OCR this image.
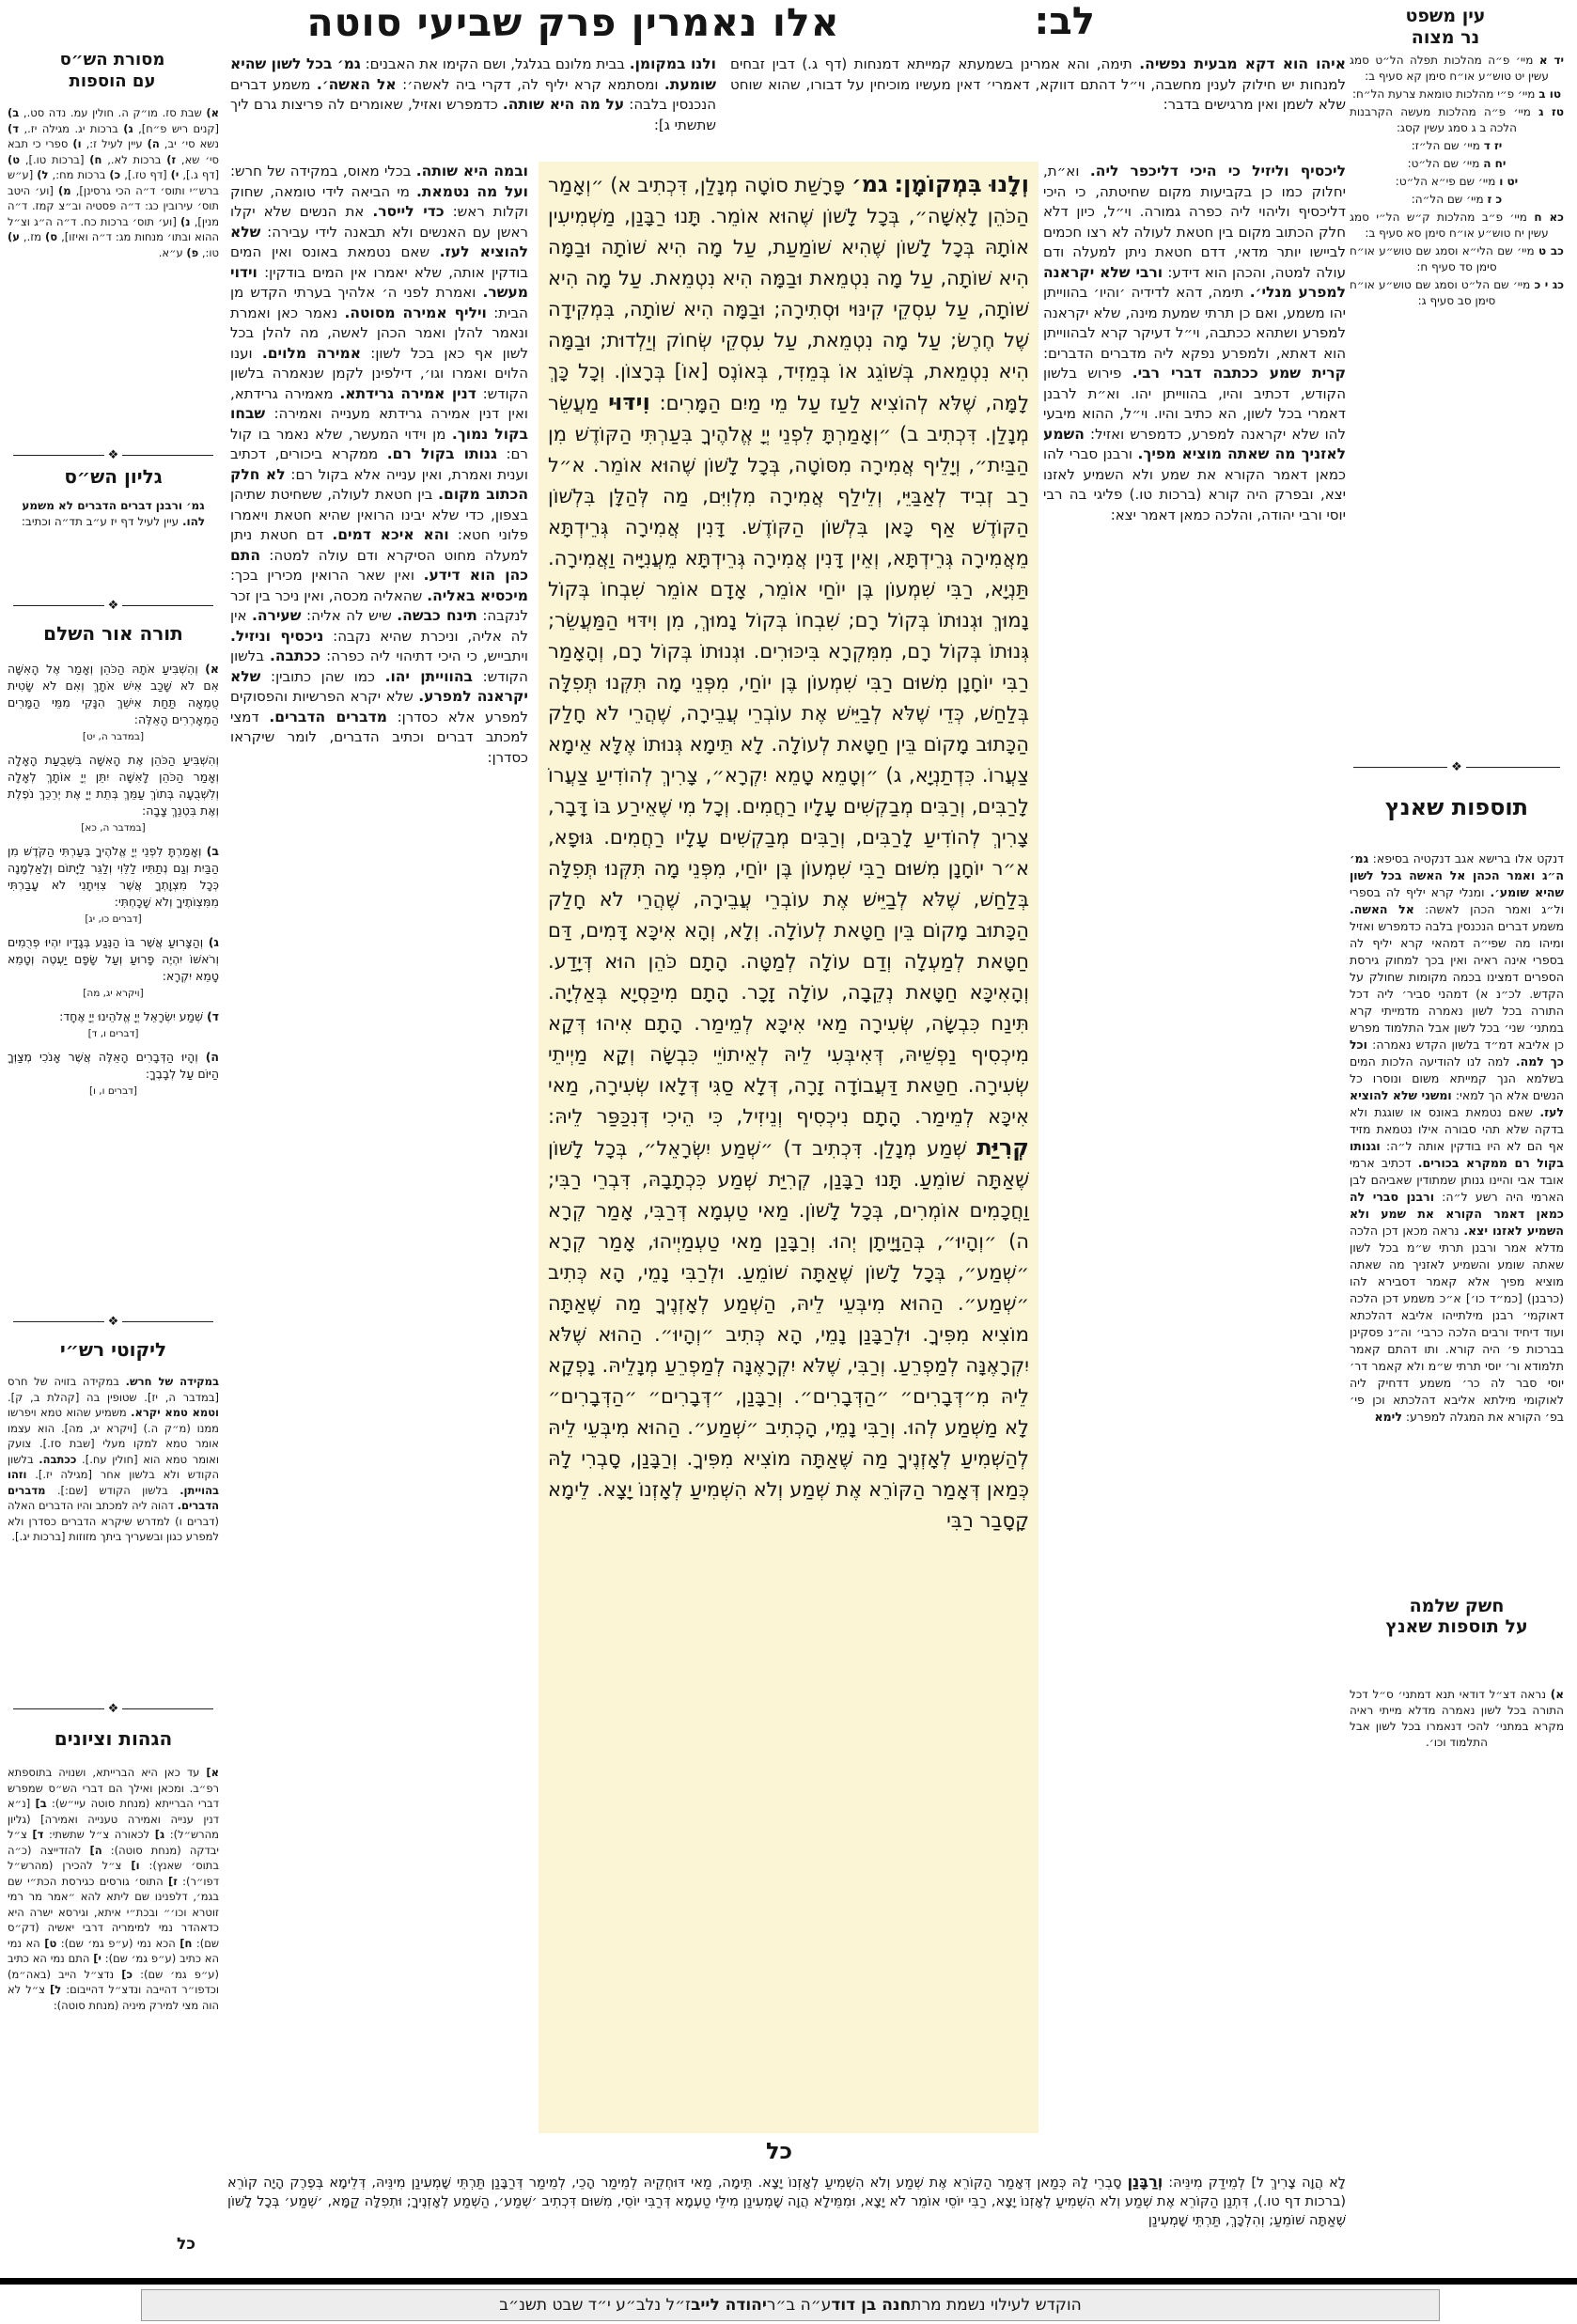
אלו נאמרין פרק שביעי סוטה	לב:	עין משפט
נר מצוה
מסורת הש״ס
עם הוספות
א) שבת סז. מו״ק ה. חולין עמ. נדה סט., ב) [קנים ריש פ״ח], ג) ברכות יג. מגילה יז., ד) נשא סי׳ יב, ה) עיין לעיל ז:, ו) ספרי כי תבא סי׳ שא, ז) ברכות לא., ח) [ברכות טו.], ט) [דף ג.], י) [דף טז.], כ) ברכות מח:, ל) [ע״ש ברש״י ותוס׳ ד״ה הכי גרסינן], מ) [וע׳ היטב תוס׳ עירובין כג: ד״ה פסטיה וב״צ קמז. ד״ה מנין], נ) [וע׳ תוס׳ ברכות כח. ד״ה ה״ג וצ״ל ההוא ובתו׳ מנחות מג: ד״ה ואיזו], ס) מז., ע) טו:, פ) ע״א.
❖
גליון הש״ס
גמ׳ ורבנן דברים הדברים לא משמע להו. עיין לעיל דף יז ע״ב תד״ה וכתיב:
❖
תורה אור השלם

א) וְהִשְׁבִּיעַ אֹתָהּ הַכֹּהֵן וְאָמַר אֶל הָאִשָּׁה אִם לֹא שָׁכַב אִישׁ אֹתָךְ וְאִם לֹא שָׂטִית טֻמְאָה תַּחַת אִישֵׁךְ הִנָּקִי מִמֵּי הַמָּרִים הַמְאָרְרִים הָאֵלֶּה:

[במדבר ה, יט]

וְהִשְׁבִּיעַ הַכֹּהֵן אֶת הָאִשָּׁה בִּשְׁבֻעַת הָאָלָה וְאָמַר הַכֹּהֵן לָאִשָּׁה יִתֵּן יְיָ אוֹתָךְ לְאָלָה וְלִשְׁבֻעָה בְּתוֹךְ עַמֵּךְ בְּתֵת יְיָ אֶת יְרֵכֵךְ נֹפֶלֶת וְאֶת בִּטְנֵךְ צָבָה:

[במדבר ה, כא]

ב) וְאָמַרְתָּ לִפְנֵי יְיָ אֱלֹהֶיךָ בִּעַרְתִּי הַקֹּדֶשׁ מִן הַבַּיִת וְגַם נְתַתִּיו לַלֵּוִי וְלַגֵּר לַיָּתוֹם וְלָאַלְמָנָה כְּכָל מִצְוָתְךָ אֲשֶׁר צִוִּיתָנִי לֹא עָבַרְתִּי מִמִּצְוֹתֶיךָ וְלֹא שָׁכָחְתִּי:

[דברים כו, יג]

ג) וְהַצָּרוּעַ אֲשֶׁר בּוֹ הַנֶּגַע בְּגָדָיו יִהְיוּ פְרֻמִים וְרֹאשׁוֹ יִהְיֶה פָרוּעַ וְעַל שָׂפָם יַעְטֶה וְטָמֵא טָמֵא יִקְרָא:

[ויקרא יג, מה]

ד) שְׁמַע יִשְׂרָאֵל יְיָ אֱלֹהֵינוּ יְיָ אֶחָד:

[דברים ו, ד]

ה) וְהָיוּ הַדְּבָרִים הָאֵלֶּה אֲשֶׁר אָנֹכִי מְצַוְּךָ הַיּוֹם עַל לְבָבֶךָ:

[דברים ו, ו]
❖
ליקוטי רש״י
במקידה של חרש. במקידה בזויה של חרס [במדבר ה, יז]. שטופין בה [קהלת ב, ק]. וטמא טמא יקרא. משמיע שהוא טמא ויפרשו ממנו (מ״ק ה.) [ויקרא יג, מה]. הוא עצמו אומר טמא למקו מעלי [שבת סז.]. צועק ואומר טמא הוא [חולין עח.]. ככתבה. בלשון הקודש ולא בלשון אחר [מגילה יז.]. וזהו בהוייתן. בלשון הקודש [שם:]. מדברים הדברים. דהוה ליה למכתב והיו הדברים האלה (דברים ו) למדרש שיקרא הדברים כסדרן ולא למפרע כגון ובשעריך ביתך מזוזות [ברכות יג.].
❖
הגהות וציונים
א] עד כאן היא הברייתא, ושנויה בתוספתא רפ״ב. ומכאן ואילך הם דברי הש״ס שמפרש דברי הברייתא (מנחת סוטה עיי״ש): ב] [נ״א דנין ענייה ואמירה טענייה ואמירה] (גליון מהרש״ל): ג] לכאורה צ״ל שתשתי: ד] צ״ל יבדקה (מנחת סוטה): ה] להזדייצה (כ״ה בתוס׳ שאנץ): ו] צ״ל להכירן (מהרש״ל דפו״ר): ז] התוס׳ גורסים כגירסת הכת״י שם בגמ׳, דלפנינו שם ליתא להא ״אמר מר רמי זוטרא וכו׳״ ובכת״י איתא, וגירסא ישרה היא כדאהדר נמי למימריה דרבי יאשיה (דק״ס שם): ח] הכא נמי (ע״פ גמ׳ שם): ט] הא נמי הא כתיב (ע״פ גמ׳ שם): י] התם נמי הא כתיב (ע״פ גמ׳ שם): כ] נדצ״ל הייב (באה״מ) וכדפו״ר דהייבה ונדצ״ל דהייבום: ל] צ״ל לא הוה מצי למירק מיניה (מנחת סוטה):

יד א מיי׳ פ״ה מהלכות תפלה הל״ט סמג עשין יט טוש״ע או״ח סימן קא סעיף ב:

טו ב מיי׳ פ״י מהלכות טומאת צרעת הל״ח:

טז ג מיי׳ פ״ה מהלכות מעשה הקרבנות הלכה ב ג סמג עשין קסג:

יז ד מיי׳ שם הל״ז:

יח ה מיי׳ שם הל״ט:

יט ו מיי׳ שם פי״א הל״ט:

כ ז מיי׳ שם הל״ה:

כא ח מיי׳ פ״ב מהלכות ק״ש הל״י סמג עשין יח טוש״ע או״ח סימן סא סעיף ב:

כב ט מיי׳ שם הלי״א וסמג שם טוש״ע או״ח סימן סד סעיף ח:

כג י כ מיי׳ שם הל״ט וסמג שם טוש״ע או״ח סימן סב סעיף ג:

❖
תוספות שאנץ
דנקט אלו ברישא אגב דנקטיה בסיפא: גמ׳ ה״ג ואמר הכהן אל האשה בכל לשון שהיא שומע׳. ומנלי קרא יליף לה בספרי ול״ג ואמר הכהן לאשה: אל האשה. משמע דברים הנכנסין בלבה כדמפרש ואזיל ומיהו מה שפי״ה דמהאי קרא יליף לה בספרי אינה ראיה ואין בכך למחוק גירסת הספרים דמצינו בכמה מקומות שחולק על הקדש. לכ״נ א) דמהני סביר׳ ליה דכל התורה בכל לשון נאמרה מדמייתי קרא במתני׳ שני׳ בכל לשון אבל התלמוד מפרש כן אליבא דמ״ד בלשון הקדש נאמרה: וכל כך למה. למה לנו להודיעה הלכות המים בשלמא הנך קמייתא משום ונוסרו כל הנשים אלא הך למאי: ומשני שלא להוציא לעז. שאם נטמאת באונס או שוגגת ולא בדקה שלא תהי סבורה אילו נטמאת מזיד אף הם לא היו בודקין אותה ל״ה: וגנותו בקול רם ממקרא בכורים. דכתיב ארמי אובד אבי והיינו גנותן שמתודין שאביהם לבן הארמי היה רשע ל״ה: ורבנן סברי לה כמאן דאמר הקורא את שמע ולא השמיע לאזנו יצא. נראה מכאן דכן הלכה מדלא אמר ורבנן תרתי ש״מ בכל לשון שאתה שומע והשמיע לאזניך מה שאתה מוציא מפיך אלא קאמר דסבירא להו (כרבנן) [כמ״ד כו׳] א״כ משמע דכן הלכה דאוקמי׳ רבנן מילתייהו אליבא דהלכתא ועוד דיחיד ורבים הלכה כרבי׳ וה״נ פסקינן בברכות פ׳ היה קורא. ותו דהתם קאמר תלמודא ור׳ יוסי תרתי ש״מ ולא קאמר דר׳ יוסי סבר לה כר׳ משמע דדחיק ליה לאוקומי מילתא אליבא דהלכתא וכן פי׳ בפ׳ הקורא את המגלה למפרע: לימא
חשק שלמה
על תוספות שאנץ
א) נראה דצ״ל דודאי תנא דמתני׳ ס״ל דכל התורה בכל לשון נאמרה מדלא מייתי ראיה מקרא במתני׳ להכי דנאמרו בכל לשון אבל התלמוד וכו׳.
ולנו במקומן. בבית מלונם בגלגל, ושם הקימו את האבנים: גמ׳ בכל לשון שהיא שומעת. ומסתמא קרא יליף לה, דקרי ביה לאשה׳: אל האשה׳. משמע דברים הנכנסין בלבה: על מה היא שותה. כדמפרש ואזיל, שאומרים לה פריצות גרם ליך שתשתי ג]:
איהו הוא דקא מבעית נפשיה. תימה, והא אמרינן בשמעתא קמייתא דמנחות (דף ג.) דבין זבחים למנחות יש חילוק לענין מחשבה, וי״ל דהתם דווקא, דאמרי׳ דאין מעשיו מוכיחין על דבורו, שהוא שוחט שלא לשמן ואין מרגישים בדבר:
ובמה היא שותה. בכלי מאוס, במקידה של חרש: ועל מה נטמאת. מי הביאה לידי טומאה, שחוק וקלות ראש: כדי לייסר. את הנשים שלא יקלו ראשן עם האנשים ולא תבאנה לידי עבירה: שלא להוציא לעז. שאם נטמאת באונס ואין המים בודקין אותה, שלא יאמרו אין המים בודקין: וידוי מעשר. ואמרת לפני ה׳ אלהיך בערתי הקדש מן הבית: ויליף אמירה מסוטה. נאמר כאן ואמרת ונאמר להלן ואמר הכהן לאשה, מה להלן בכל לשון אף כאן בכל לשון: אמירה מלוים. וענו הלוים ואמרו וגו׳, דילפינן לקמן שנאמרה בלשון הקודש: דנין אמירה גרידתא. מאמירה גרידתא, ואין דנין אמירה גרידתא מענייה ואמירה: שבחו בקול נמוך. מן וידוי המעשר, שלא נאמר בו קול רם: גנותו בקול רם. ממקרא ביכורים, דכתיב וענית ואמרת, ואין ענייה אלא בקול רם: לא חלק הכתוב מקום. בין חטאת לעולה, ששחיטת שתיהן בצפון, כדי שלא יבינו הרואין שהיא חטאת ויאמרו פלוני חטא: והא איכא דמים. דם חטאת ניתן למעלה מחוט הסיקרא ודם עולה למטה: התם כהן הוא דידע. ואין שאר הרואין מכירין בכך: מיכסיא באליה. שהאליה מכסה, ואין ניכר בין זכר לנקבה: תינח כבשה. שיש לה אליה: שעירה. אין לה אליה, וניכרת שהיא נקבה: ניכסיף וניזיל. ויתבייש, כי היכי דתיהוי ליה כפרה: ככתבה. בלשון הקודש: בהווייתן יהו. כמו שהן כתובין: שלא יקראנה למפרע. שלא יקרא הפרשיות והפסוקים למפרע אלא כסדרן: מדברים הדברים. דמצי למכתב דברים וכתיב הדברים, לומר שיקראו כסדרן:
וְלָנוּ בִּמְקוֹמָן: גמ׳ פָּרָשַׁת סוֹטָה מְנָלַן, דִּכְתִיב א) ״וְאָמַר הַכֹּהֵן לָאִשָּׁה״, בְּכָל לָשׁוֹן שֶׁהוּא אוֹמֵר. תָּנוּ רַבָּנַן, מַשְׁמִיעִין אוֹתָהּ בְּכָל לָשׁוֹן שֶׁהִיא שׁוֹמַעַת, עַל מָה הִיא שׁוֹתָה וּבַמָּה הִיא שׁוֹתָה, עַל מָה נִטְמֵאת וּבַמָּה הִיא נִטְמֵאת. עַל מָה הִיא שׁוֹתָה, עַל עִסְקֵי קִינּוּי וּסְתִירָה; וּבַמָּה הִיא שׁוֹתָה, בִּמְקִידָה שֶׁל חֶרֶשׂ; עַל מָה נִטְמֵאת, עַל עִסְקֵי שְׂחוֹק וְיַלְדוּת; וּבַמָּה הִיא נִטְמֵאת, בְּשׁוֹגֵג אוֹ בְּמֵזִיד, בְּאוֹנֶס [אוֹ] בְּרָצוֹן. וְכָל כָּךְ לָמָּה, שֶׁלֹּא לְהוֹצִיא לַעַז עַל מֵי מַיִם הַמָּרִים: וִידּוּי מַעֲשֵׂר מְנָלַן. דִּכְתִיב ב) ״וְאָמַרְתָּ לִפְנֵי יְיָ אֱלֹהֶיךָ בִּעַרְתִּי הַקּוֹדֶשׁ מִן הַבַּיִת״, וְיָלֵיף אֲמִירָה מִסּוֹטָה, בְּכָל לָשׁוֹן שֶׁהוּא אוֹמֵר. א״ל רַב זְבִיד לְאַבַּיֵּי, וְלֵילַף אֲמִירָה מִלְוִיִּם, מַה לְּהַלָּן בִּלְשׁוֹן הַקּוֹדֶשׁ אַף כָּאן בִּלְשׁוֹן הַקּוֹדֶשׁ. דָּנִין אֲמִירָה גְּרֵידְתָּא מֵאֲמִירָה גְּרֵידְתָּא, וְאֵין דָּנִין אֲמִירָה גְּרֵידְתָּא מֵעֲנִיָּיה וַאֲמִירָה. תַּנְיָא, רַבִּי שִׁמְעוֹן בֶּן יוֹחַי אוֹמֵר, אָדָם אוֹמֵר שִׁבְחוֹ בְּקוֹל נָמוּךְ וּגְנוּתוֹ בְּקוֹל רָם; שִׁבְחוֹ בְּקוֹל נָמוּךְ, מִן וִידּוּי הַמַּעֲשֵׂר; גְּנוּתוֹ בְּקוֹל רָם, מִמִּקְרָא בִּיכּוּרִים. וּגְנוּתוֹ בְּקוֹל רָם, וְהָאָמַר רַבִּי יוֹחָנָן מִשּׁוּם רַבִּי שִׁמְעוֹן בֶּן יוֹחַי, מִפְּנֵי מָה תִּקְּנוּ תְּפִלָּה בְּלַחַשׁ, כְּדֵי שֶׁלֹּא לְבַיֵּישׁ אֶת עוֹבְרֵי עֲבֵירָה, שֶׁהֲרֵי לֹא חָלַק הַכָּתוּב מָקוֹם בֵּין חַטָּאת לְעוֹלָה. לָא תֵּימָא גְּנוּתוֹ אֶלָּא אֵימָא צַעֲרוֹ. כִּדְתַנְיָא, ג) ״וְטָמֵא טָמֵא יִקְרָא״, צָרִיךְ לְהוֹדִיעַ צַעֲרוֹ לָרַבִּים, וְרַבִּים מְבַקְשִׁים עָלָיו רַחֲמִים. וְכָל מִי שֶׁאֵירַע בּוֹ דָּבָר, צָרִיךְ לְהוֹדִיעַ לָרַבִּים, וְרַבִּים מְבַקְשִׁים עָלָיו רַחֲמִים. גּוּפָא, א״ר יוֹחָנָן מִשּׁוּם רַבִּי שִׁמְעוֹן בֶּן יוֹחַי, מִפְּנֵי מָה תִּקְּנוּ תְּפִלָּה בְּלַחַשׁ, שֶׁלֹּא לְבַיֵּישׁ אֶת עוֹבְרֵי עֲבֵירָה, שֶׁהֲרֵי לֹא חָלַק הַכָּתוּב מָקוֹם בֵּין חַטָּאת לְעוֹלָה. וְלָא, וְהָא אִיכָּא דָּמִים, דַּם חַטָּאת לְמַעְלָה וְדַם עוֹלָה לְמַטָּה. הָתָם כֹּהֵן הוּא דְּיָדַע. וְהָאִיכָּא חַטָּאת נְקֵבָה, עוֹלָה זָכָר. הָתָם מִיכַּסְיָא בְּאַלְיָה. תִּינַח כִּבְשָׂה, שְׂעִירָה מַאי אִיכָּא לְמֵימַר. הָתָם אִיהוּ דְּקָא מִיכְסִיף נַפְשֵׁיהּ, דְּאִיבְּעִי לֵיהּ לְאֵיתוֹיֵי כִּבְשָׂה וְקָא מַיְיתֵי שְׂעִירָה. חַטַּאת דַּעֲבוֹדָה זָרָה, דְּלָא סַגִּי דְּלָאו שְׂעִירָה, מַאי אִיכָּא לְמֵימַר. הָתָם נִיכְסִיף וְנֵיזִיל, כִּי הֵיכִי דְּנִכַּפַּר לֵיהּ: קְרִיַּת שְׁמַע מְנָלַן. דִּכְתִיב ד) ״שְׁמַע יִשְׂרָאֵל״, בְּכָל לָשׁוֹן שֶׁאַתָּה שׁוֹמֵעַ. תָּנוּ רַבָּנַן, קְרִיַּת שְׁמַע כִּכְתָבָהּ, דִּבְרֵי רַבִּי; וַחֲכָמִים אוֹמְרִים, בְּכָל לָשׁוֹן. מַאי טַעְמָא דְּרַבִּי, אָמַר קְרָא ה) ״וְהָיוּ״, בְּהַוָּיָיתָן יְהוּ. וְרַבָּנַן מַאי טַעְמַיְיהוּ, אָמַר קְרָא ״שְׁמַע״, בְּכָל לָשׁוֹן שֶׁאַתָּה שׁוֹמֵעַ. וּלְרַבִּי נָמֵי, הָא כְּתִיב ״שְׁמַע״. הַהוּא מִיבְּעֵי לֵיהּ, הַשְׁמַע לְאָזְנֶיךָ מַה שֶּׁאַתָּה מוֹצִיא מִפִּיךָ. וּלְרַבָּנַן נָמֵי, הָא כְּתִיב ״וְהָיוּ״. הַהוּא שֶׁלֹּא יִקְרָאֶנָּה לְמַפְרֵעַ. וְרַבִּי, שֶׁלֹּא יִקְרָאֶנָּה לְמַפְרֵעַ מְנָלֵיהּ. נָפְקָא לֵיהּ מִ״דְּבָרִים״ ״הַדְּבָרִים״. וְרַבָּנַן, ״דְּבָרִים״ ״הַדְּבָרִים״ לָא מַשְׁמַע לְהוּ. וְרַבִּי נָמֵי, הָכְתִיב ״שְׁמַע״. הַהוּא מִיבְּעֵי לֵיהּ לְהַשְׁמִיעַ לְאָזְנֶיךָ מַה שֶּׁאַתָּה מוֹצִיא מִפִּיךָ. וְרַבָּנַן, סָבְרִי לָהּ כְּמַאן דְּאָמַר הַקּוֹרֵא אֶת שְׁמַע וְלֹא הִשְׁמִיעַ לְאָזְנוֹ יָצָא. לֵימָא קָסָבַר רַבִּי
כל
ליכסיף וליזיל כי היכי דליכפר ליה. וא״ת, יחלוק כמו כן בקביעות מקום שחיטתה, כי היכי דליכסיף וליהוי ליה כפרה גמורה. וי״ל, כיון דלא חלק הכתוב מקום בין חטאת לעולה לא רצו חכמים לביישו יותר מדאי, דדם חטאת ניתן למעלה ודם עולה למטה, והכהן הוא דידע: ורבי שלא יקראנה למפרע מנלי׳. תימה, דהא לדידיה ׳והיו׳ בהווייתן יהו משמע, ואם כן תרתי שמעת מינה, שלא יקראנה למפרע ושתהא ככתבה, וי״ל דעיקר קרא לבהווייתן הוא דאתא, ולמפרע נפקא ליה מדברים הדברים: קרית שמע ככתבה דברי רבי. פירוש בלשון הקודש, דכתיב והיו, בהווייתן יהו. וא״ת לרבנן דאמרי בכל לשון, הא כתיב והיו. וי״ל, ההוא מיבעי להו שלא יקראנה למפרע, כדמפרש ואזיל: השמע לאזניך מה שאתה מוציא מפיך. ורבנן סברי להו כמאן דאמר הקורא את שמע ולא השמיע לאזנו יצא, ובפרק היה קורא (ברכות טו.) פליגי בה רבי יוסי ורבי יהודה, והלכה כמאן דאמר יצא:
לָא הֲוָה צָרִיךְ ל] לְמֵידַק מִינֵּיהּ: וְרַבָּנַן סָבְרֵי לָהּ כְּמַאן דְּאָמַר הַקּוֹרֵא אֶת שְׁמַע וְלֹא הִשְׁמִיעַ לְאָזְנוֹ יָצָא. תֵּימָה, מַאי דּוּחְקֵיהּ לְמֵימַר הָכֵי, לְמֵימַר דְּרַבָּנַן תַּרְתֵּי שָׁמְעִינַן מִינֵּיהּ, דְּלֵימָא בְּפֶרֶק הָיָה קוֹרֵא (ברכות דף טו.), דִּתְנַן הַקּוֹרֵא אֶת שְׁמַע וְלֹא הִשְׁמִיעַ לְאָזְנוֹ יָצָא, רַבִּי יוֹסֵי אוֹמֵר לֹא יָצָא, וּמִמֵּילָא הֲוָה שָׁמְעִינַן מִילֵּי טַעְמָא דְּרַבִּי יוֹסֵי, מִשּׁוּם דִּכְתִיב ׳שְׁמַע׳, הַשְׁמַע לְאָזְנֶיךָ; וּתְפִלָּה קַמָּא, ׳שְׁמַע׳ בְּכָל לָשׁוֹן שֶׁאַתָּה שׁוֹמֵעַ; וְהִלְכָּךְ, תַּרְתֵּי שָׁמְעִינַן
כל
הוקדש לעילוי נשמת מרת
חנה בן דוד
ע״ה ב״ר
יהודה לייב
ז״ל נלב״ע י״ד שבט תשנ״ב
